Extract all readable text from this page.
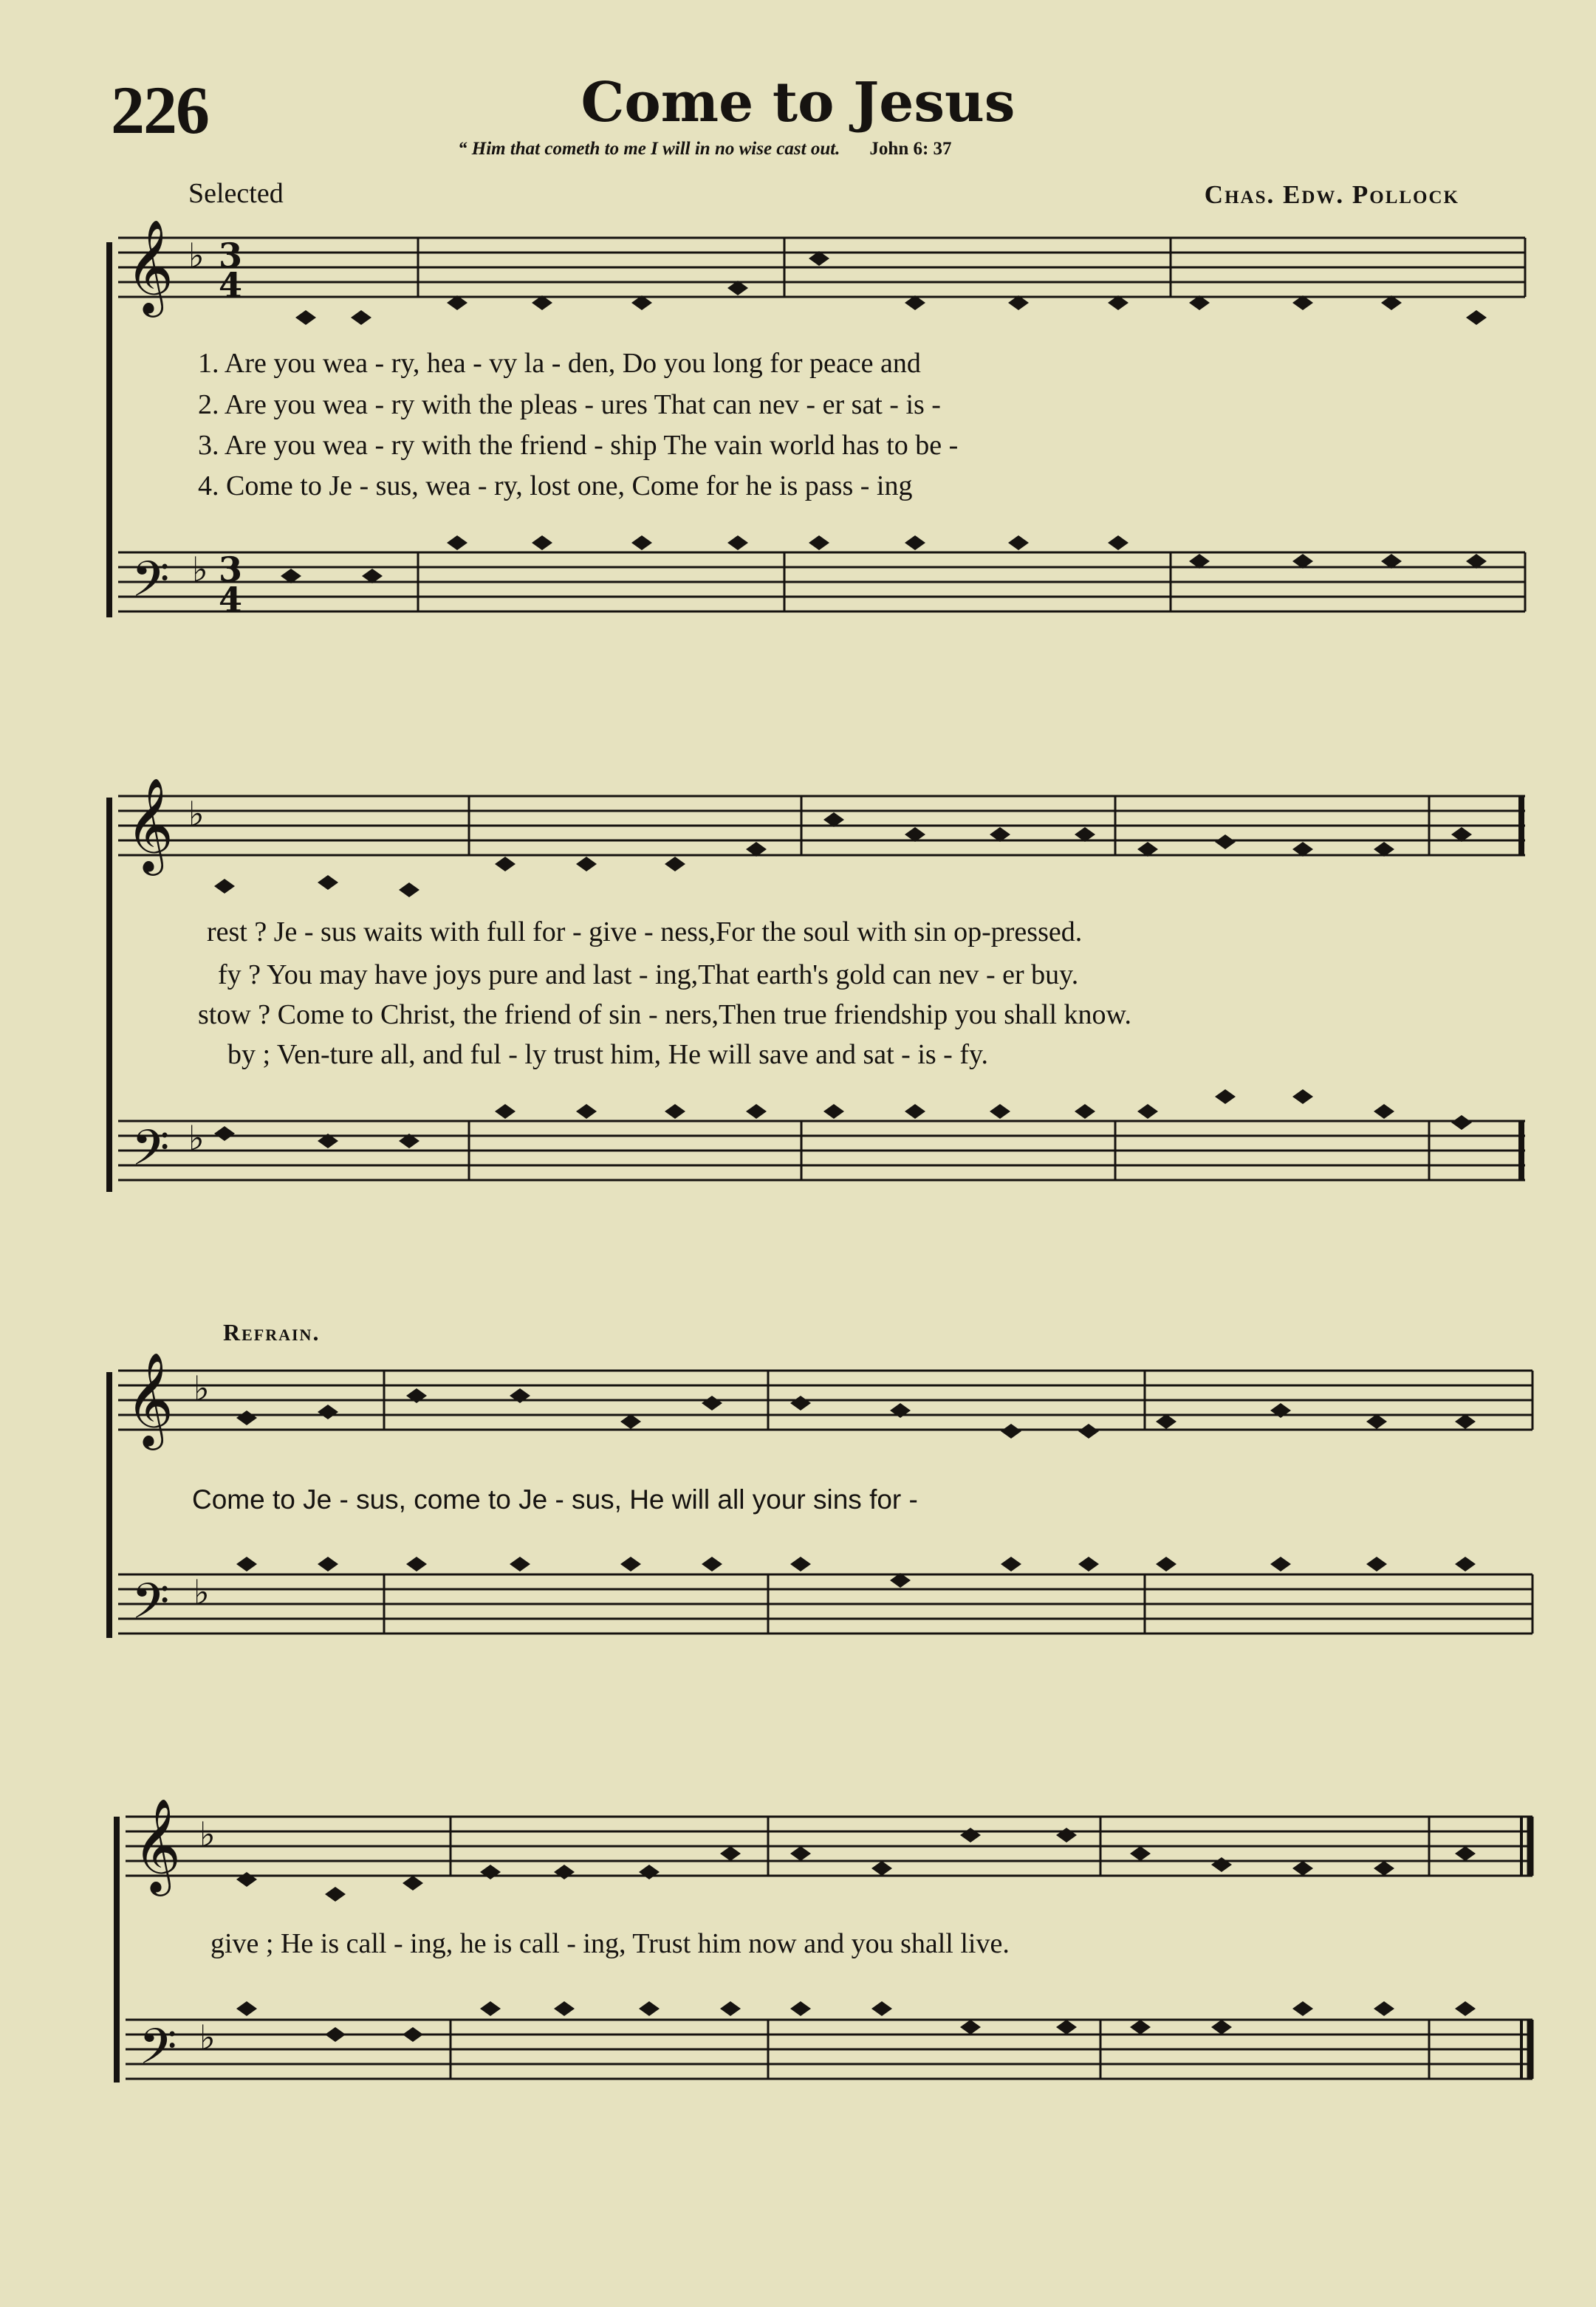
226	Come to Jesus
“ Him that cometh to me I will in no wise cast out. John 6: 37
Selected	Chas. Edw. Pollock
𝄞
𝄢
♭
♭
3
4
3
4
1. Are you wea - ry, hea - vy la - den, Do you long for peace and
2. Are you wea - ry with the pleas - ures That can nev - er sat - is -
3. Are you wea - ry with the friend - ship The vain world has to be -
4. Come to Je - sus, wea - ry, lost one, Come for he is pass - ing
𝄞
𝄢
♭
♭
rest ? Je - sus waits with full for - give - ness,For the soul with sin op-pressed.
fy ? You may have joys pure and last - ing,That earth's gold can nev - er buy.
stow ? Come to Christ, the friend of sin - ners,Then true friendship you shall know.
by ; Ven-ture all, and ful - ly trust him, He will save and sat - is - fy.
Refrain.
𝄞
𝄢
♭
♭
Come to Je - sus, come to Je - sus, He will all your sins for -
𝄞
𝄢
♭
♭
give ; He is call - ing, he is call - ing, Trust him now and you shall live.
